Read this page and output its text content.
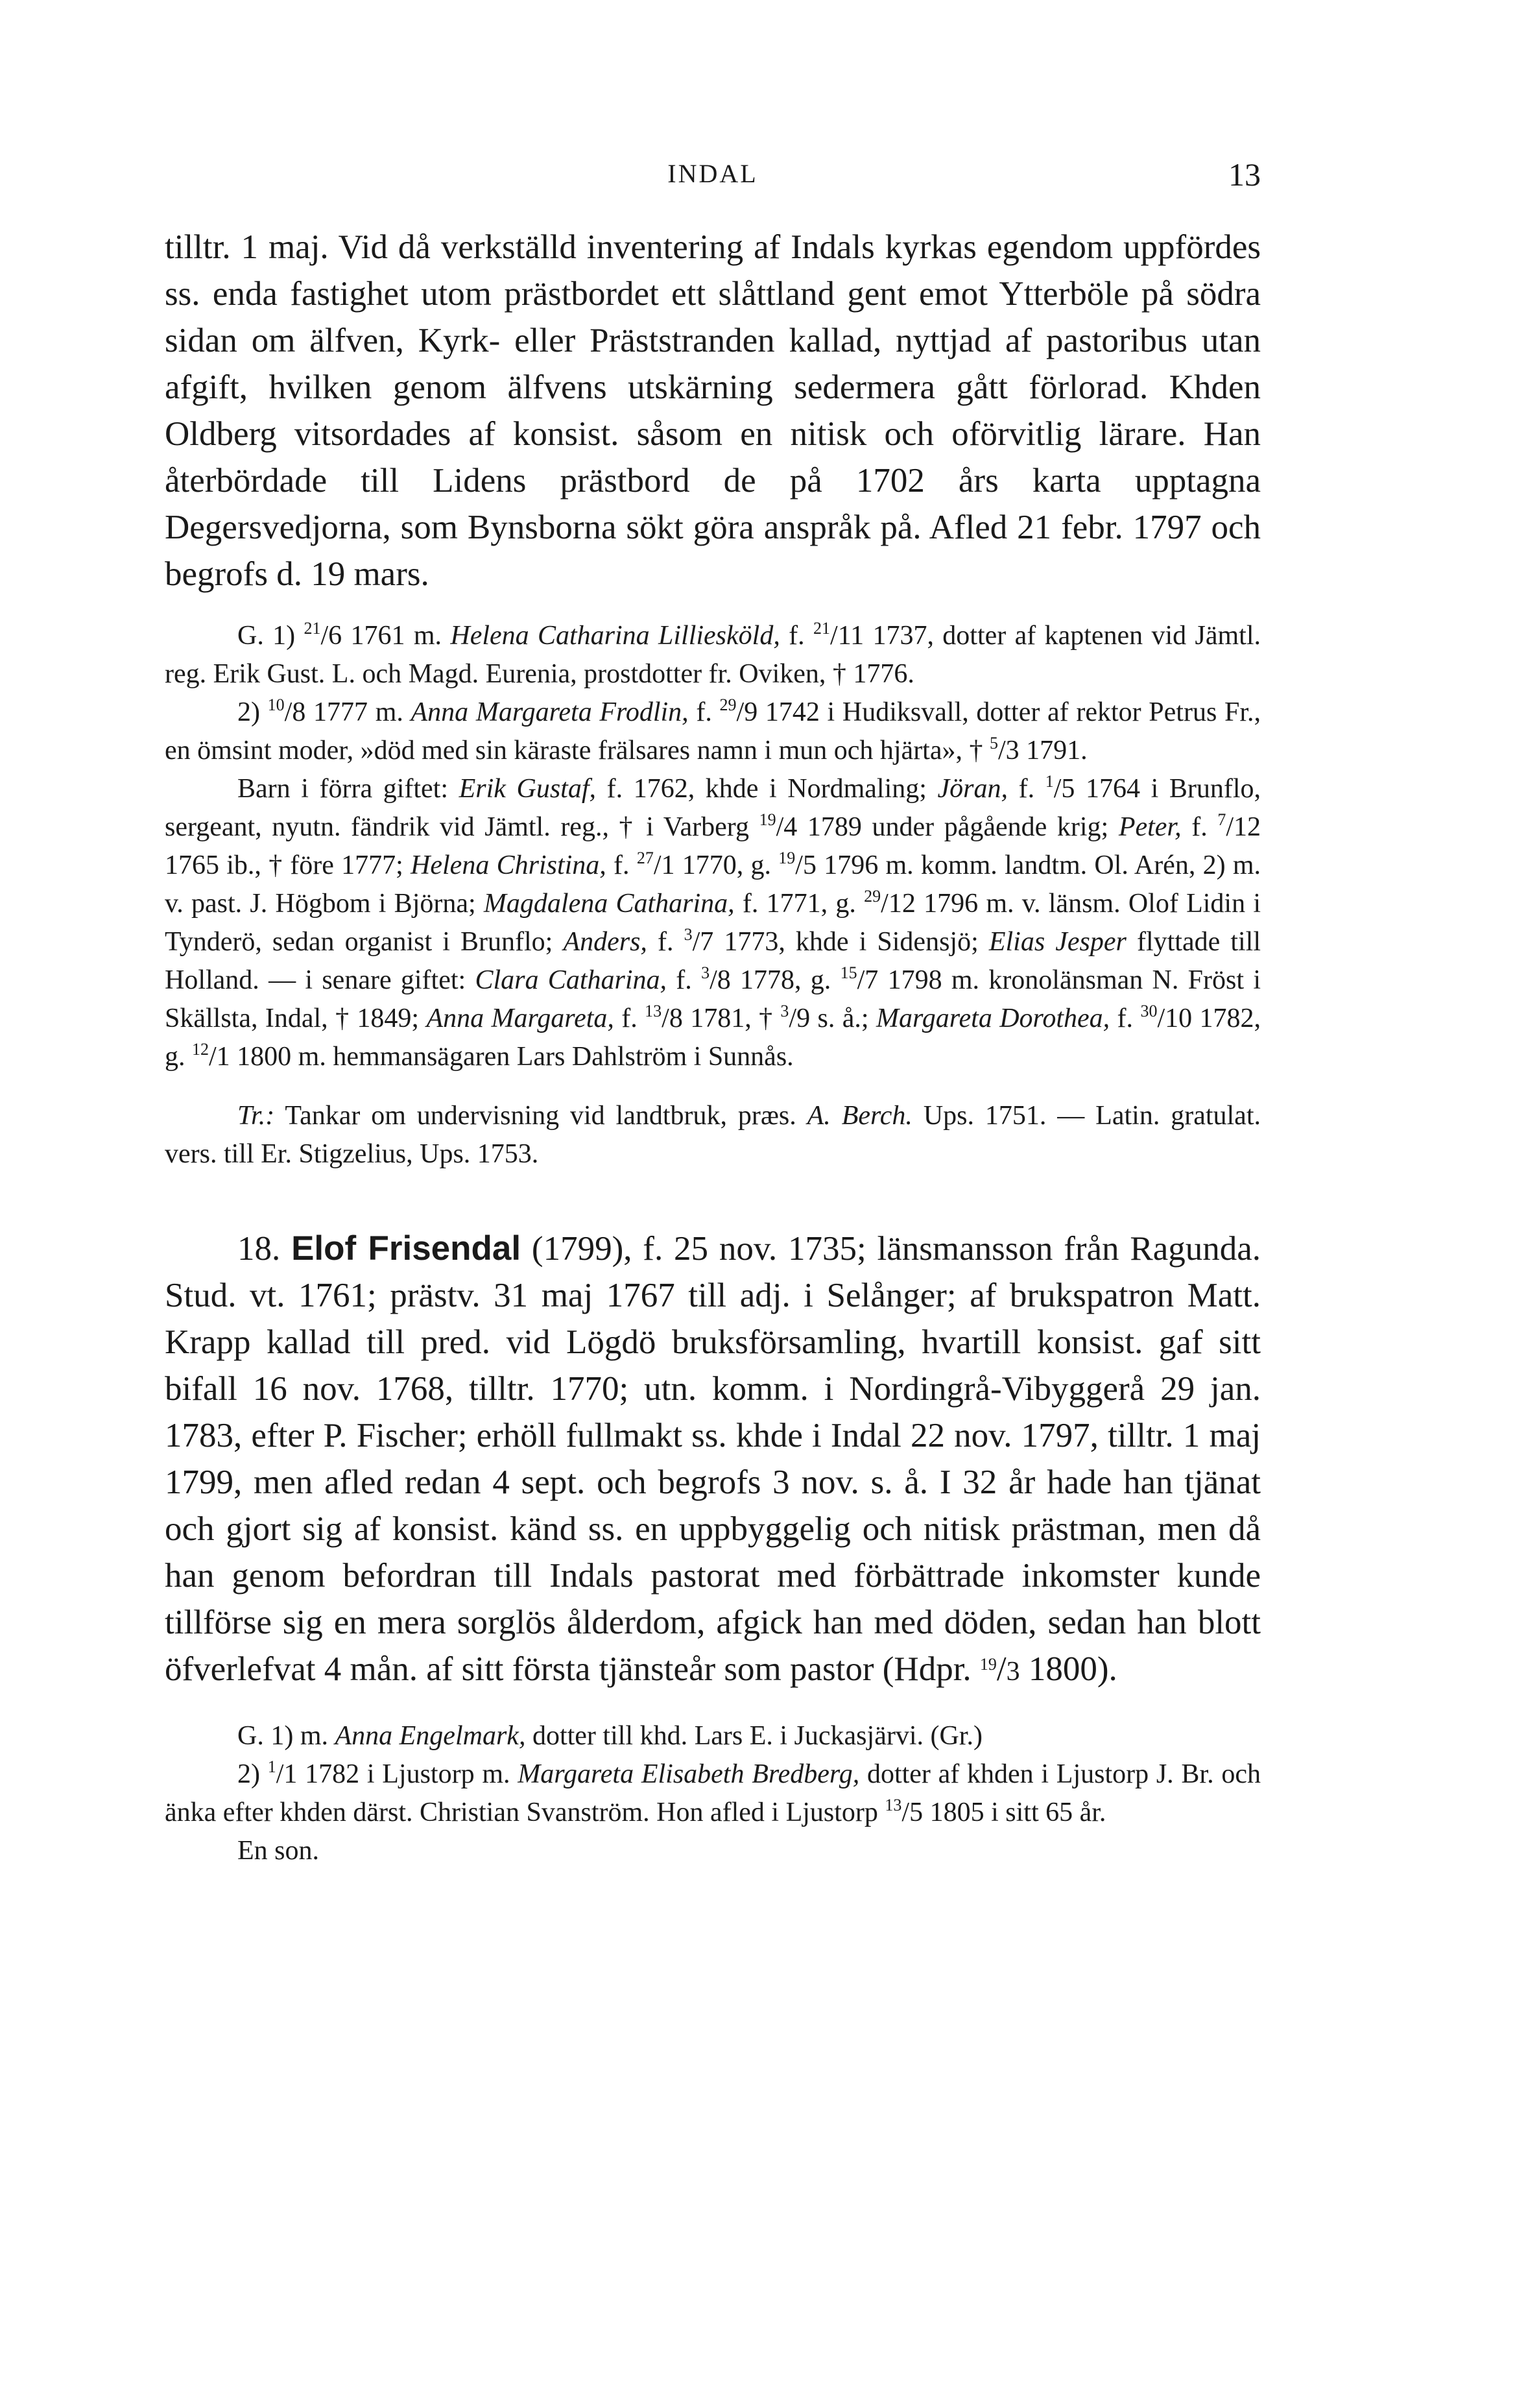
INDAL	13

tilltr. 1 maj. Vid då verkställd inventering af Indals kyrkas egendom uppfördes ss. enda fastighet utom prästbordet ett slåttland gent emot Ytterböle på södra sidan om älfven, Kyrk- eller Präststranden kallad, nyttjad af pastoribus utan afgift, hvilken genom älfvens utskärning sedermera gått förlorad. Khden Oldberg vitsordades af konsist. såsom en nitisk och oförvitlig lärare. Han återbördade till Lidens prästbord de på 1702 års karta upptagna Degersvedjorna, som Bynsborna sökt göra anspråk på. Afled 21 febr. 1797 och begrofs d. 19 mars.

G. 1) $^{21}$/6 1761 m. Helena Catharina Lilliesköld, f. $^{21}$/11 1737, dotter af kaptenen vid Jämtl. reg. Erik Gust. L. och Magd. Eurenia, prostdotter fr. Oviken, † 1776.

2) $^{10}$/8 1777 m. Anna Margareta Frodlin, f. $^{29}$/9 1742 i Hudiksvall, dotter af rektor Petrus Fr., en ömsint moder, »död med sin käraste frälsares namn i mun och hjärta», † $^5$/3 1791.

Barn i förra giftet: Erik Gustaf, f. 1762, khde i Nordmaling; Jöran, f. $^1$/5 1764 i Brunflo, sergeant, nyutn. fändrik vid Jämtl. reg., † i Varberg $^{19}$/4 1789 under pågående krig; Peter, f. $^7$/12 1765 ib., † före 1777; Helena Christina, f. $^{27}$/1 1770, g. $^{19}$/5 1796 m. komm. landtm. Ol. Arén, 2) m. v. past. J. Högbom i Björna; Magdalena Catharina, f. 1771, g. $^{29}$/12 1796 m. v. länsm. Olof Lidin i Tynderö, sedan organist i Brunflo; Anders, f. $^3$/7 1773, khde i Sidensjö; Elias Jesper flyttade till Holland. — i senare giftet: Clara Catharina, f. $^3$/8 1778, g. $^{15}$/7 1798 m. kronolänsman N. Fröst i Skällsta, Indal, † 1849; Anna Margareta, f. $^{13}$/8 1781, † $^3$/9 s. å.; Margareta Dorothea, f. $^{30}$/10 1782, g. $^{12}$/1 1800 m. hemmansägaren Lars Dahlström i Sunnås.

Tr.: Tankar om undervisning vid landtbruk, præs. A. Berch. Ups. 1751. — Latin. gratulat. vers. till Er. Stigzelius, Ups. 1753.

18. Elof Frisendal (1799), f. 25 nov. 1735; länsmansson från Ragunda. Stud. vt. 1761; prästv. 31 maj 1767 till adj. i Selånger; af brukspatron Matt. Krapp kallad till pred. vid Lögdö bruksförsamling, hvartill konsist. gaf sitt bifall 16 nov. 1768, tilltr. 1770; utn. komm. i Nordingrå-Vibyggerå 29 jan. 1783, efter P. Fischer; erhöll fullmakt ss. khde i Indal 22 nov. 1797, tilltr. 1 maj 1799, men afled redan 4 sept. och begrofs 3 nov. s. å. I 32 år hade han tjänat och gjort sig af konsist. känd ss. en uppbyggelig och nitisk prästman, men då han genom befordran till Indals pastorat med förbättrade inkomster kunde tillförse sig en mera sorglös ålderdom, afgick han med döden, sedan han blott öfverlefvat 4 mån. af sitt första tjänsteår som pastor (Hdpr. $^{19}$/3 1800).

G. 1) m. Anna Engelmark, dotter till khd. Lars E. i Juckasjärvi. (Gr.)

2) $^1$/1 1782 i Ljustorp m. Margareta Elisabeth Bredberg, dotter af khden i Ljustorp J. Br. och änka efter khden därst. Christian Svanström. Hon afled i Ljustorp $^{13}$/5 1805 i sitt 65 år.

En son.
